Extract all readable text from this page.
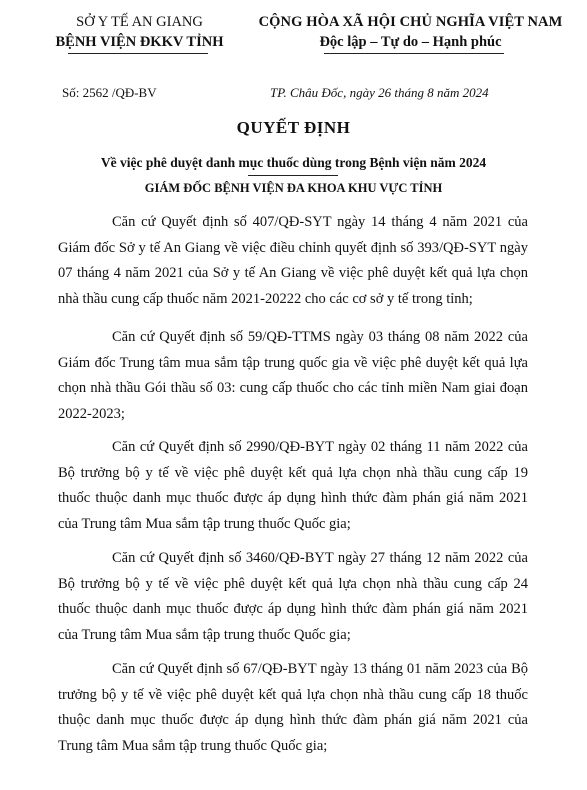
SỞ Y TẾ AN GIANG
BỆNH VIỆN ĐKKV TỈNH
CỘNG HÒA XÃ HỘI CHỦ NGHĨA VIỆT NAM
Độc lập – Tự do – Hạnh phúc
Số: 2562 /QĐ-BV	TP. Châu Đốc, ngày 26 tháng 8 năm 2024
QUYẾT ĐỊNH
Về việc phê duyệt danh mục thuốc dùng trong Bệnh viện năm 2024
GIÁM ĐỐC BỆNH VIỆN ĐA KHOA KHU VỰC TỈNH
Căn cứ Quyết định số 407/QĐ-SYT ngày 14 tháng 4 năm 2021 của Giám đốc Sở y tế An Giang về việc điều chỉnh quyết định số 393/QĐ-SYT ngày 07 tháng 4 năm 2021 của Sở y tế An Giang về việc phê duyệt kết quả lựa chọn nhà thầu cung cấp thuốc năm 2021-20222 cho các cơ sở y tế trong tỉnh;
Căn cứ Quyết định số 59/QĐ-TTMS ngày 03 tháng 08 năm 2022 của Giám đốc Trung tâm mua sắm tập trung quốc gia về việc phê duyệt kết quả lựa chọn nhà thầu Gói thầu số 03: cung cấp thuốc cho các tỉnh miền Nam giai đoạn 2022-2023;
Căn cứ Quyết định số 2990/QĐ-BYT ngày 02 tháng 11 năm 2022 của Bộ trưởng bộ y tế về việc phê duyệt kết quả lựa chọn nhà thầu cung cấp 19 thuốc thuộc danh mục thuốc được áp dụng hình thức đàm phán giá năm 2021 của Trung tâm Mua sắm tập trung thuốc Quốc gia;
Căn cứ Quyết định số 3460/QĐ-BYT ngày 27 tháng 12 năm 2022 của Bộ trưởng bộ y tế về việc phê duyệt kết quả lựa chọn nhà thầu cung cấp 24 thuốc thuộc danh mục thuốc được áp dụng hình thức đàm phán giá năm 2021 của Trung tâm Mua sắm tập trung thuốc Quốc gia;
Căn cứ Quyết định số 67/QĐ-BYT ngày 13 tháng 01 năm 2023 của Bộ trưởng bộ y tế về việc phê duyệt kết quả lựa chọn nhà thầu cung cấp 18 thuốc thuộc danh mục thuốc được áp dụng hình thức đàm phán giá năm 2021 của Trung tâm Mua sắm tập trung thuốc Quốc gia;
